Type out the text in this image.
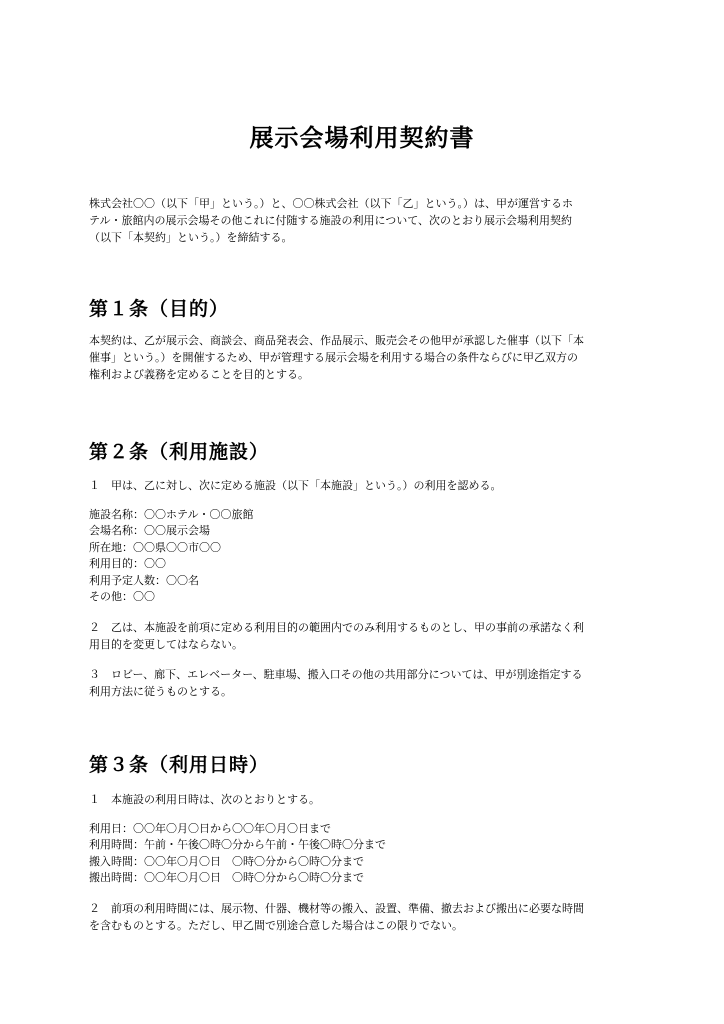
展示会場利用契約書
株式会社〇〇（以下「甲」という。）と、〇〇株式会社（以下「乙」という。）は、甲が運営するホ
テル・旅館内の展示会場その他これに付随する施設の利用について、次のとおり展示会場利用契約
（以下「本契約」という。）を締結する。
第１条（目的）
本契約は、乙が展示会、商談会、商品発表会、作品展示、販売会その他甲が承認した催事（以下「本
催事」という。）を開催するため、甲が管理する展示会場を利用する場合の条件ならびに甲乙双方の
権利および義務を定めることを目的とする。
第２条（利用施設）
１　甲は、乙に対し、次に定める施設（以下「本施設」という。）の利用を認める。
施設名称：〇〇ホテル・〇〇旅館
会場名称：〇〇展示会場
所在地：〇〇県〇〇市〇〇
利用目的：〇〇
利用予定人数：〇〇名
その他：〇〇
２　乙は、本施設を前項に定める利用目的の範囲内でのみ利用するものとし、甲の事前の承諾なく利
用目的を変更してはならない。
３　ロビー、廊下、エレベーター、駐車場、搬入口その他の共用部分については、甲が別途指定する
利用方法に従うものとする。
第３条（利用日時）
１　本施設の利用日時は、次のとおりとする。
利用日：〇〇年〇月〇日から〇〇年〇月〇日まで
利用時間：午前・午後〇時〇分から午前・午後〇時〇分まで
搬入時間：〇〇年〇月〇日　〇時〇分から〇時〇分まで
搬出時間：〇〇年〇月〇日　〇時〇分から〇時〇分まで
２　前項の利用時間には、展示物、什器、機材等の搬入、設置、準備、撤去および搬出に必要な時間
を含むものとする。ただし、甲乙間で別途合意した場合はこの限りでない。
